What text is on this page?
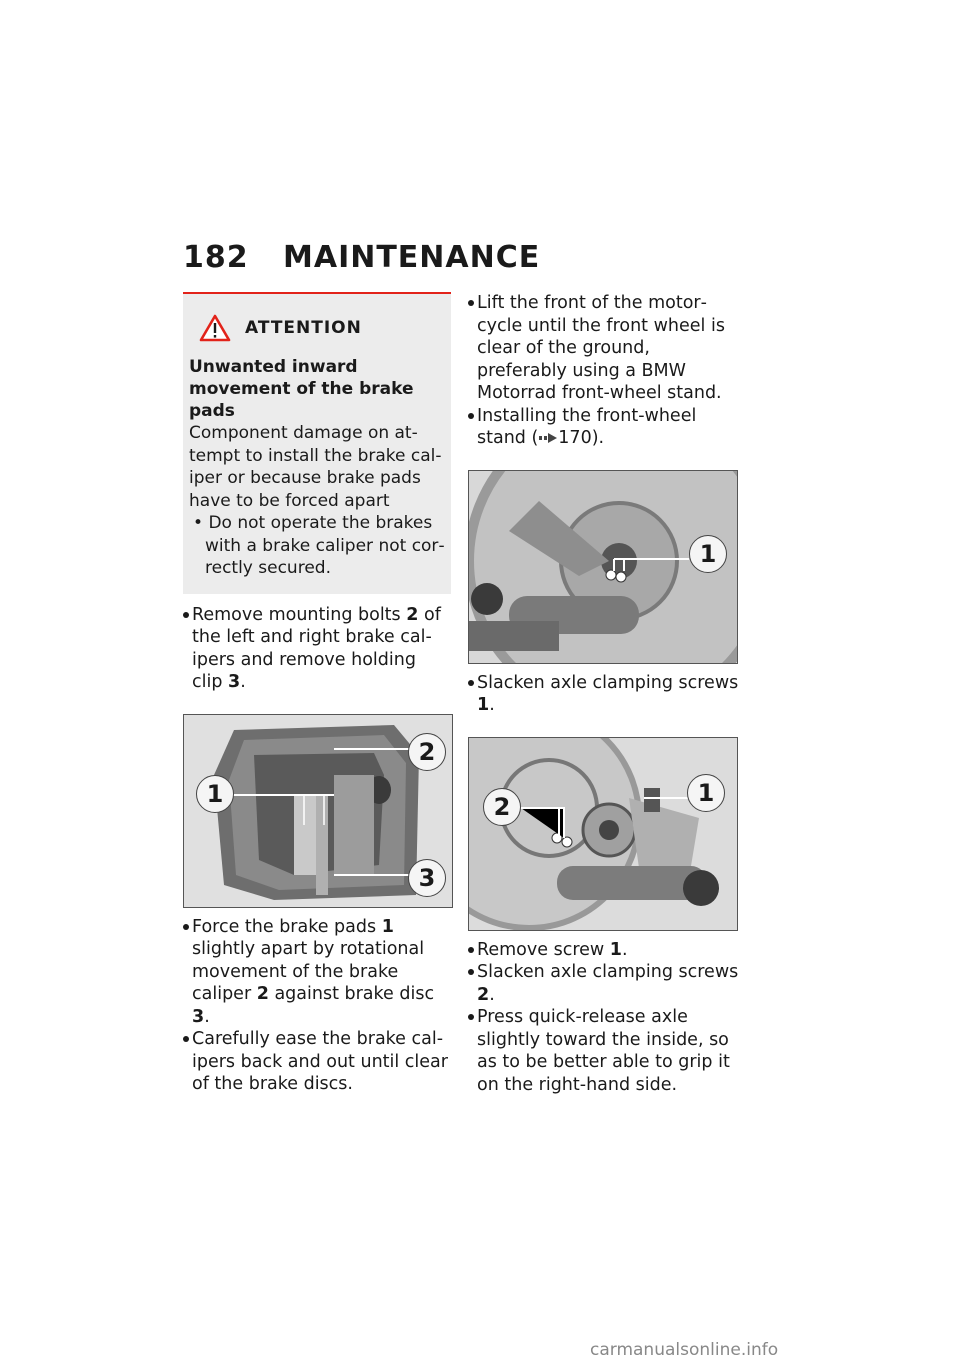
182 MAINTENANCE
ATTENTION
Unwanted inward movement of the brake pads
Component damage on attempt to install the brake caliper or because brake pads have to be forced apart
• Do not operate the brakes with a brake caliper not correctly secured.
Remove mounting bolts 2 of the left and right brake calipers and remove holding clip 3.
1
2
3
Force the brake pads 1 slightly apart by rotational movement of the brake caliper 2 against brake disc 3.
Carefully ease the brake calipers back and out until clear of the brake discs.
Lift the front of the motorcycle until the front wheel is clear of the ground, preferably using a BMW Motorrad front-wheel stand.
Installing the front-wheel stand ( 170).
1
Slacken axle clamping screws 1.
2	1
Remove screw 1.
Slacken axle clamping screws 2.
Press quick-release axle slightly toward the inside, so as to be better able to grip it on the right-hand side.
carmanualsonline.info
